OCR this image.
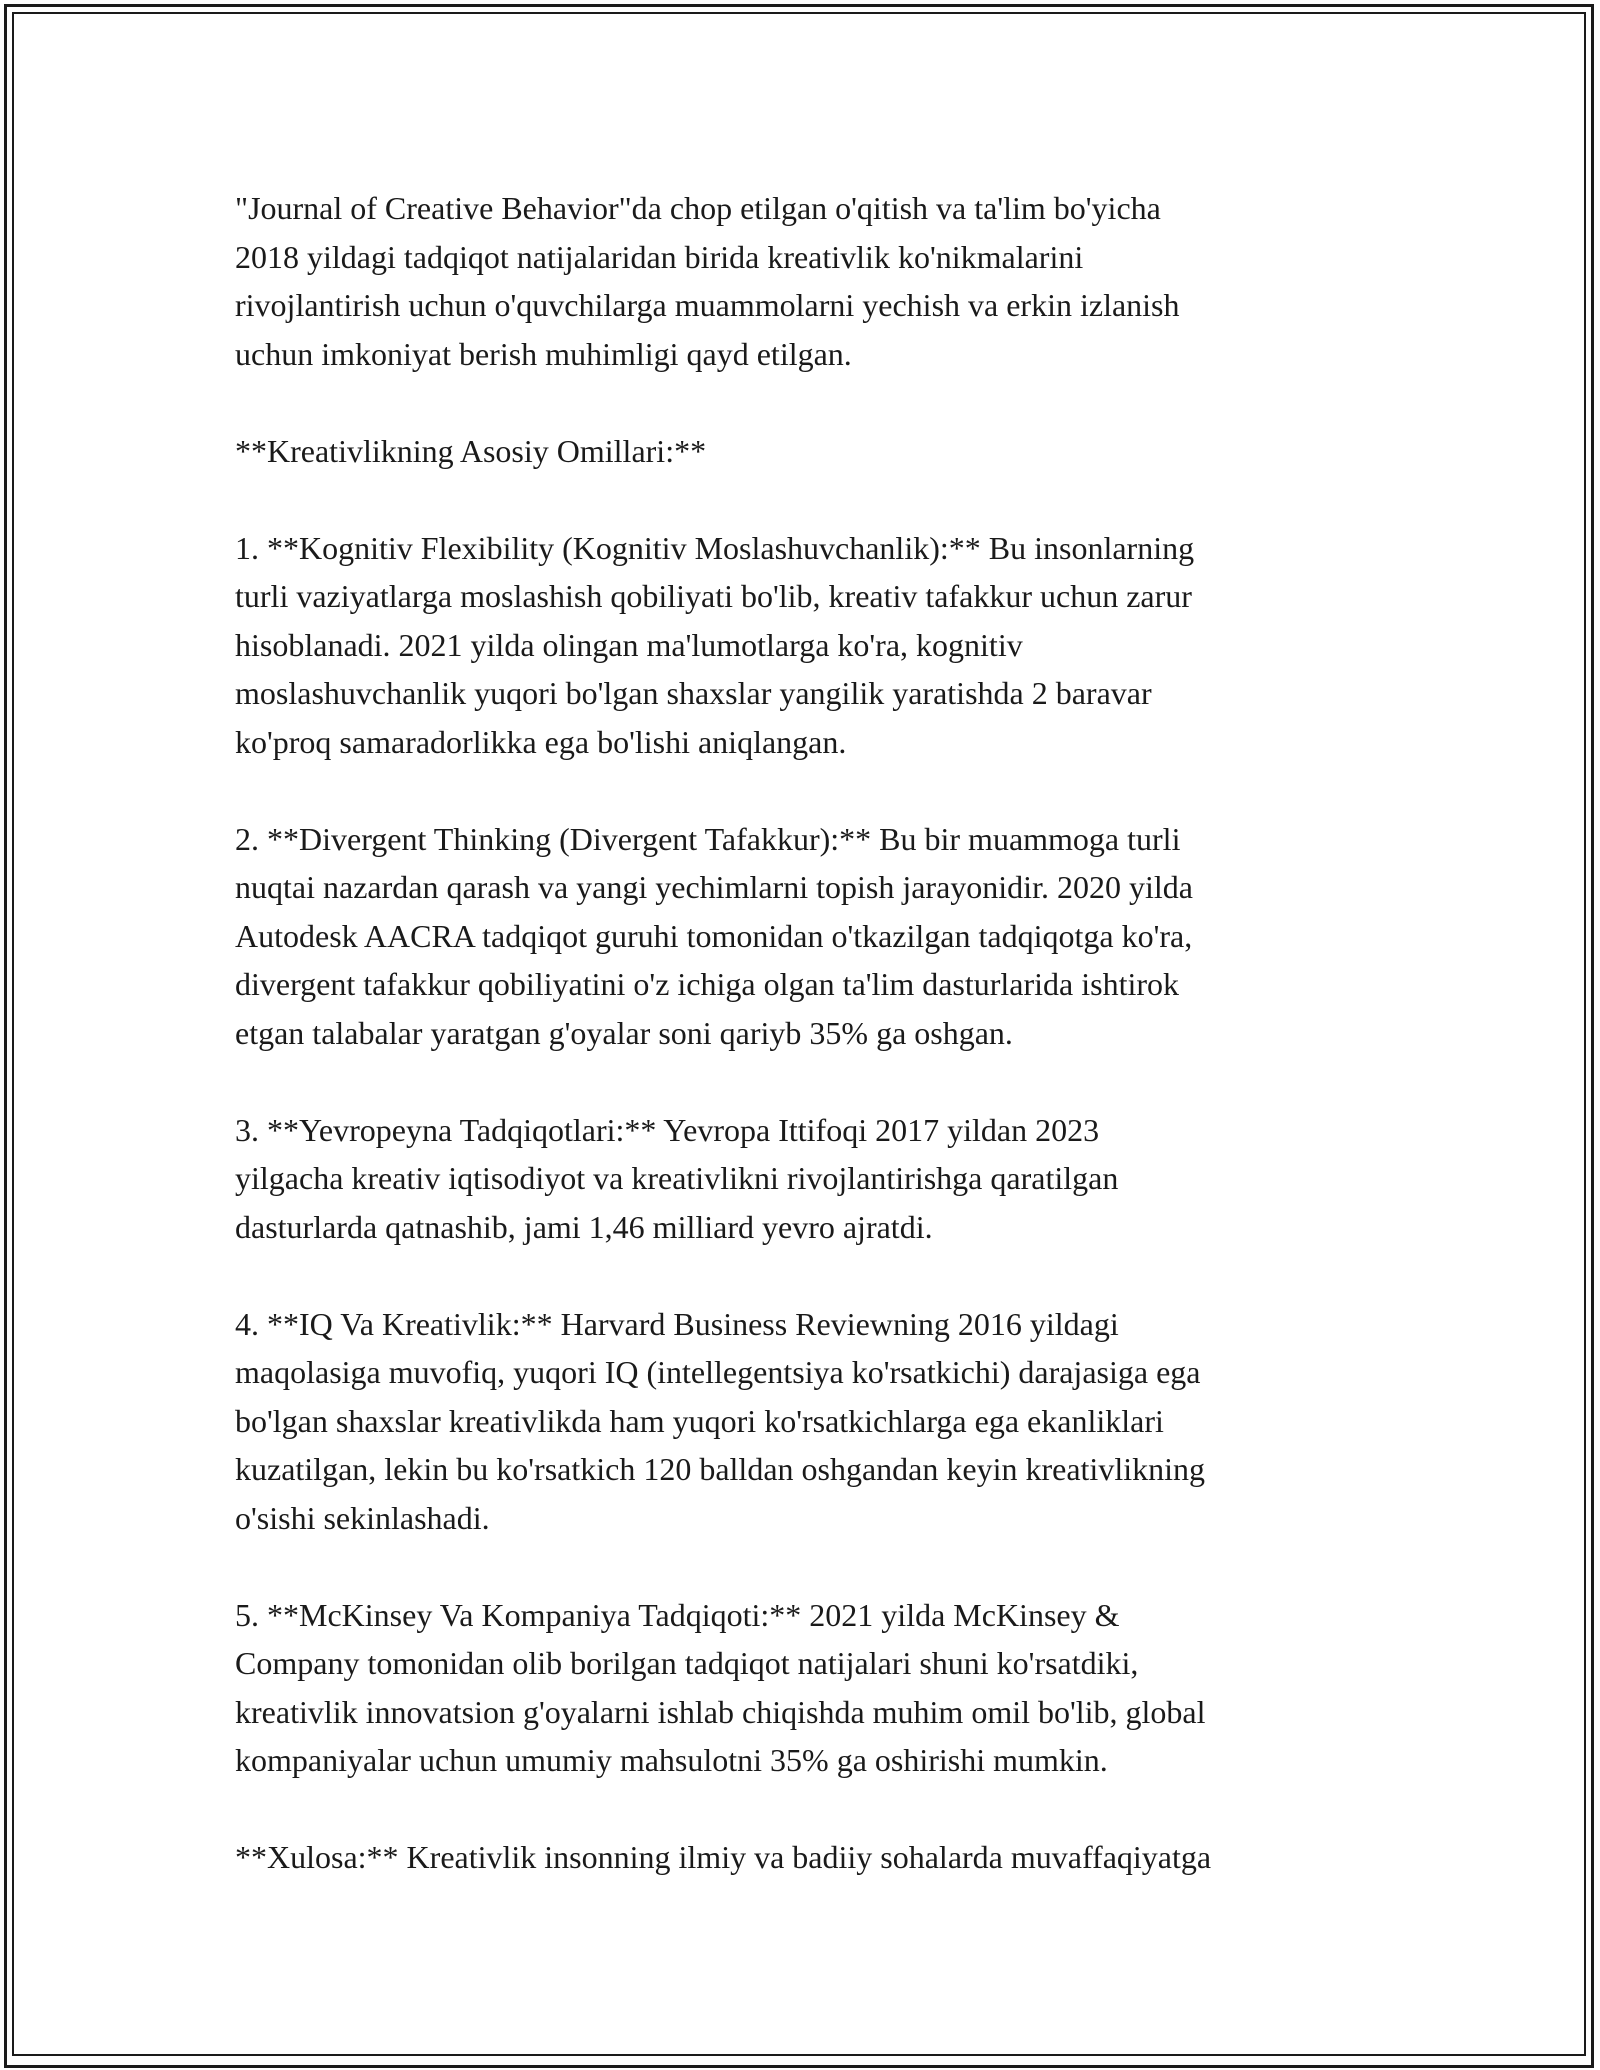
"Journal of Creative Behavior"da chop etilgan o'qitish va ta'lim bo'yicha
2018 yildagi tadqiqot natijalaridan birida kreativlik ko'nikmalarini
rivojlantirish uchun o'quvchilarga muammolarni yechish va erkin izlanish
uchun imkoniyat berish muhimligi qayd etilgan.

**Kreativlikning Asosiy Omillari:**

1. **Kognitiv Flexibility (Kognitiv Moslashuvchanlik):** Bu insonlarning
turli vaziyatlarga moslashish qobiliyati bo'lib, kreativ tafakkur uchun zarur
hisoblanadi. 2021 yilda olingan ma'lumotlarga ko'ra, kognitiv
moslashuvchanlik yuqori bo'lgan shaxslar yangilik yaratishda 2 baravar
ko'proq samaradorlikka ega bo'lishi aniqlangan.

2. **Divergent Thinking (Divergent Tafakkur):** Bu bir muammoga turli
nuqtai nazardan qarash va yangi yechimlarni topish jarayonidir. 2020 yilda
Autodesk AACRA tadqiqot guruhi tomonidan o'tkazilgan tadqiqotga ko'ra,
divergent tafakkur qobiliyatini o'z ichiga olgan ta'lim dasturlarida ishtirok
etgan talabalar yaratgan g'oyalar soni qariyb 35% ga oshgan.

3. **Yevropeyna Tadqiqotlari:** Yevropa Ittifoqi 2017 yildan 2023
yilgacha kreativ iqtisodiyot va kreativlikni rivojlantirishga qaratilgan
dasturlarda qatnashib, jami 1,46 milliard yevro ajratdi.

4. **IQ Va Kreativlik:** Harvard Business Reviewning 2016 yildagi
maqolasiga muvofiq, yuqori IQ (intellegentsiya ko'rsatkichi) darajasiga ega
bo'lgan shaxslar kreativlikda ham yuqori ko'rsatkichlarga ega ekanliklari
kuzatilgan, lekin bu ko'rsatkich 120 balldan oshgandan keyin kreativlikning
o'sishi sekinlashadi.

5. **McKinsey Va Kompaniya Tadqiqoti:** 2021 yilda McKinsey &
Company tomonidan olib borilgan tadqiqot natijalari shuni ko'rsatdiki,
kreativlik innovatsion g'oyalarni ishlab chiqishda muhim omil bo'lib, global
kompaniyalar uchun umumiy mahsulotni 35% ga oshirishi mumkin.

**Xulosa:** Kreativlik insonning ilmiy va badiiy sohalarda muvaffaqiyatga
